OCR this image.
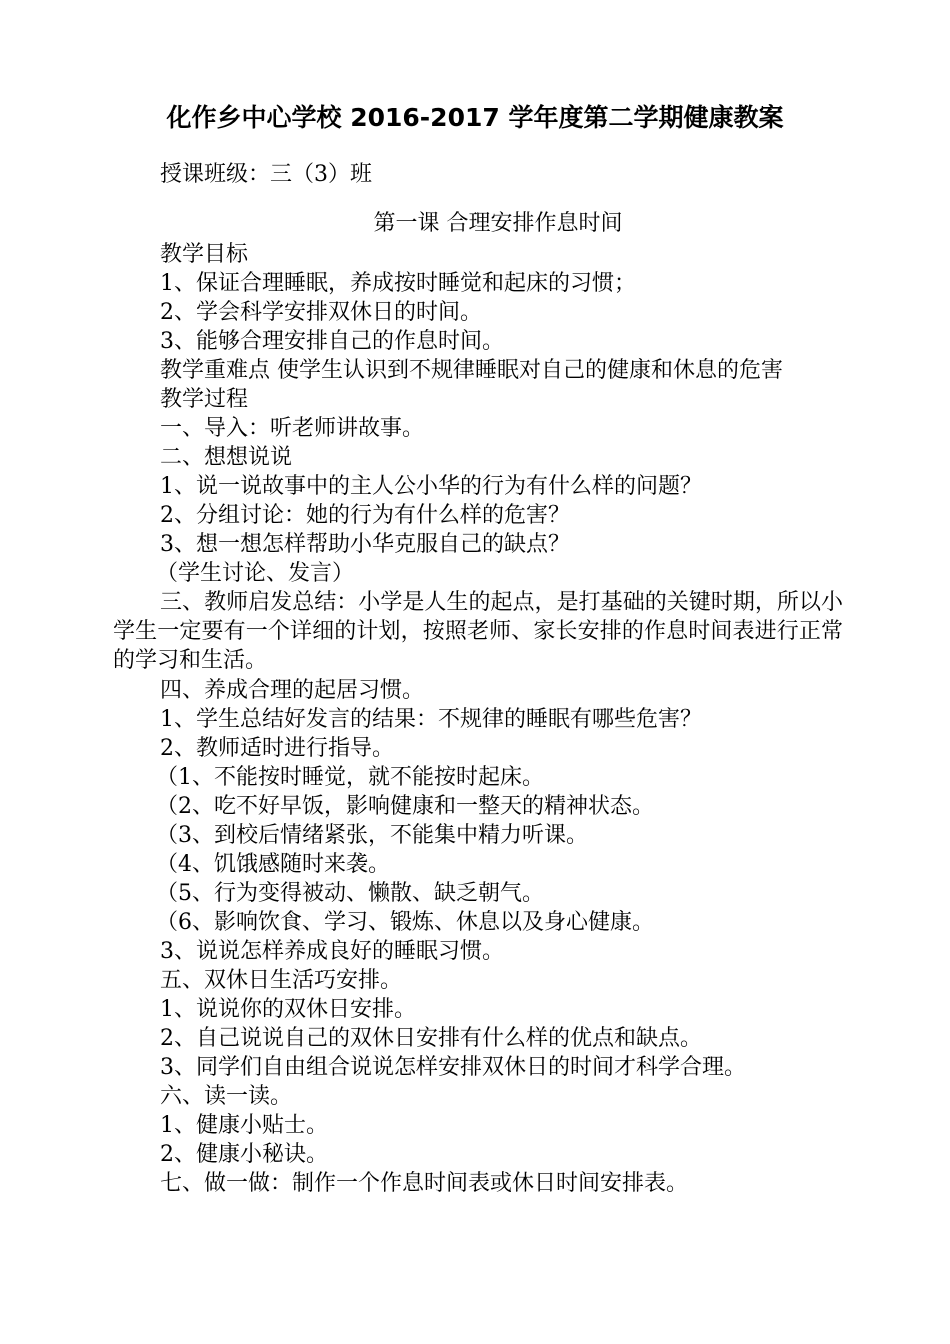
化作乡中心学校 2016-2017 学年度第二学期健康教案

授课班级：三（3）班

第一课 合理安排作息时间

教学目标

1、保证合理睡眠，养成按时睡觉和起床的习惯；

2、学会科学安排双休日的时间。

3、能够合理安排自己的作息时间。

教学重难点 使学生认识到不规律睡眠对自己的健康和休息的危害

教学过程

一、导入：听老师讲故事。

二、想想说说

1、说一说故事中的主人公小华的行为有什么样的问题？

2、分组讨论：她的行为有什么样的危害？

3、想一想怎样帮助小华克服自己的缺点？

（学生讨论、发言）

三、教师启发总结：小学是人生的起点，是打基础的关键时期，所以小学生一定要有一个详细的计划，按照老师、家长安排的作息时间表进行正常的学习和生活。

四、养成合理的起居习惯。

1、学生总结好发言的结果：不规律的睡眠有哪些危害？

2、教师适时进行指导。

（1、不能按时睡觉，就不能按时起床。

（2、吃不好早饭，影响健康和一整天的精神状态。

（3、到校后情绪紧张，不能集中精力听课。

（4、饥饿感随时来袭。

（5、行为变得被动、懒散、缺乏朝气。

（6、影响饮食、学习、锻炼、休息以及身心健康。

3、说说怎样养成良好的睡眠习惯。

五、双休日生活巧安排。

1、说说你的双休日安排。

2、自己说说自己的双休日安排有什么样的优点和缺点。

3、同学们自由组合说说怎样安排双休日的时间才科学合理。

六、读一读。

1、健康小贴士。

2、健康小秘诀。

七、做一做：制作一个作息时间表或休日时间安排表。
